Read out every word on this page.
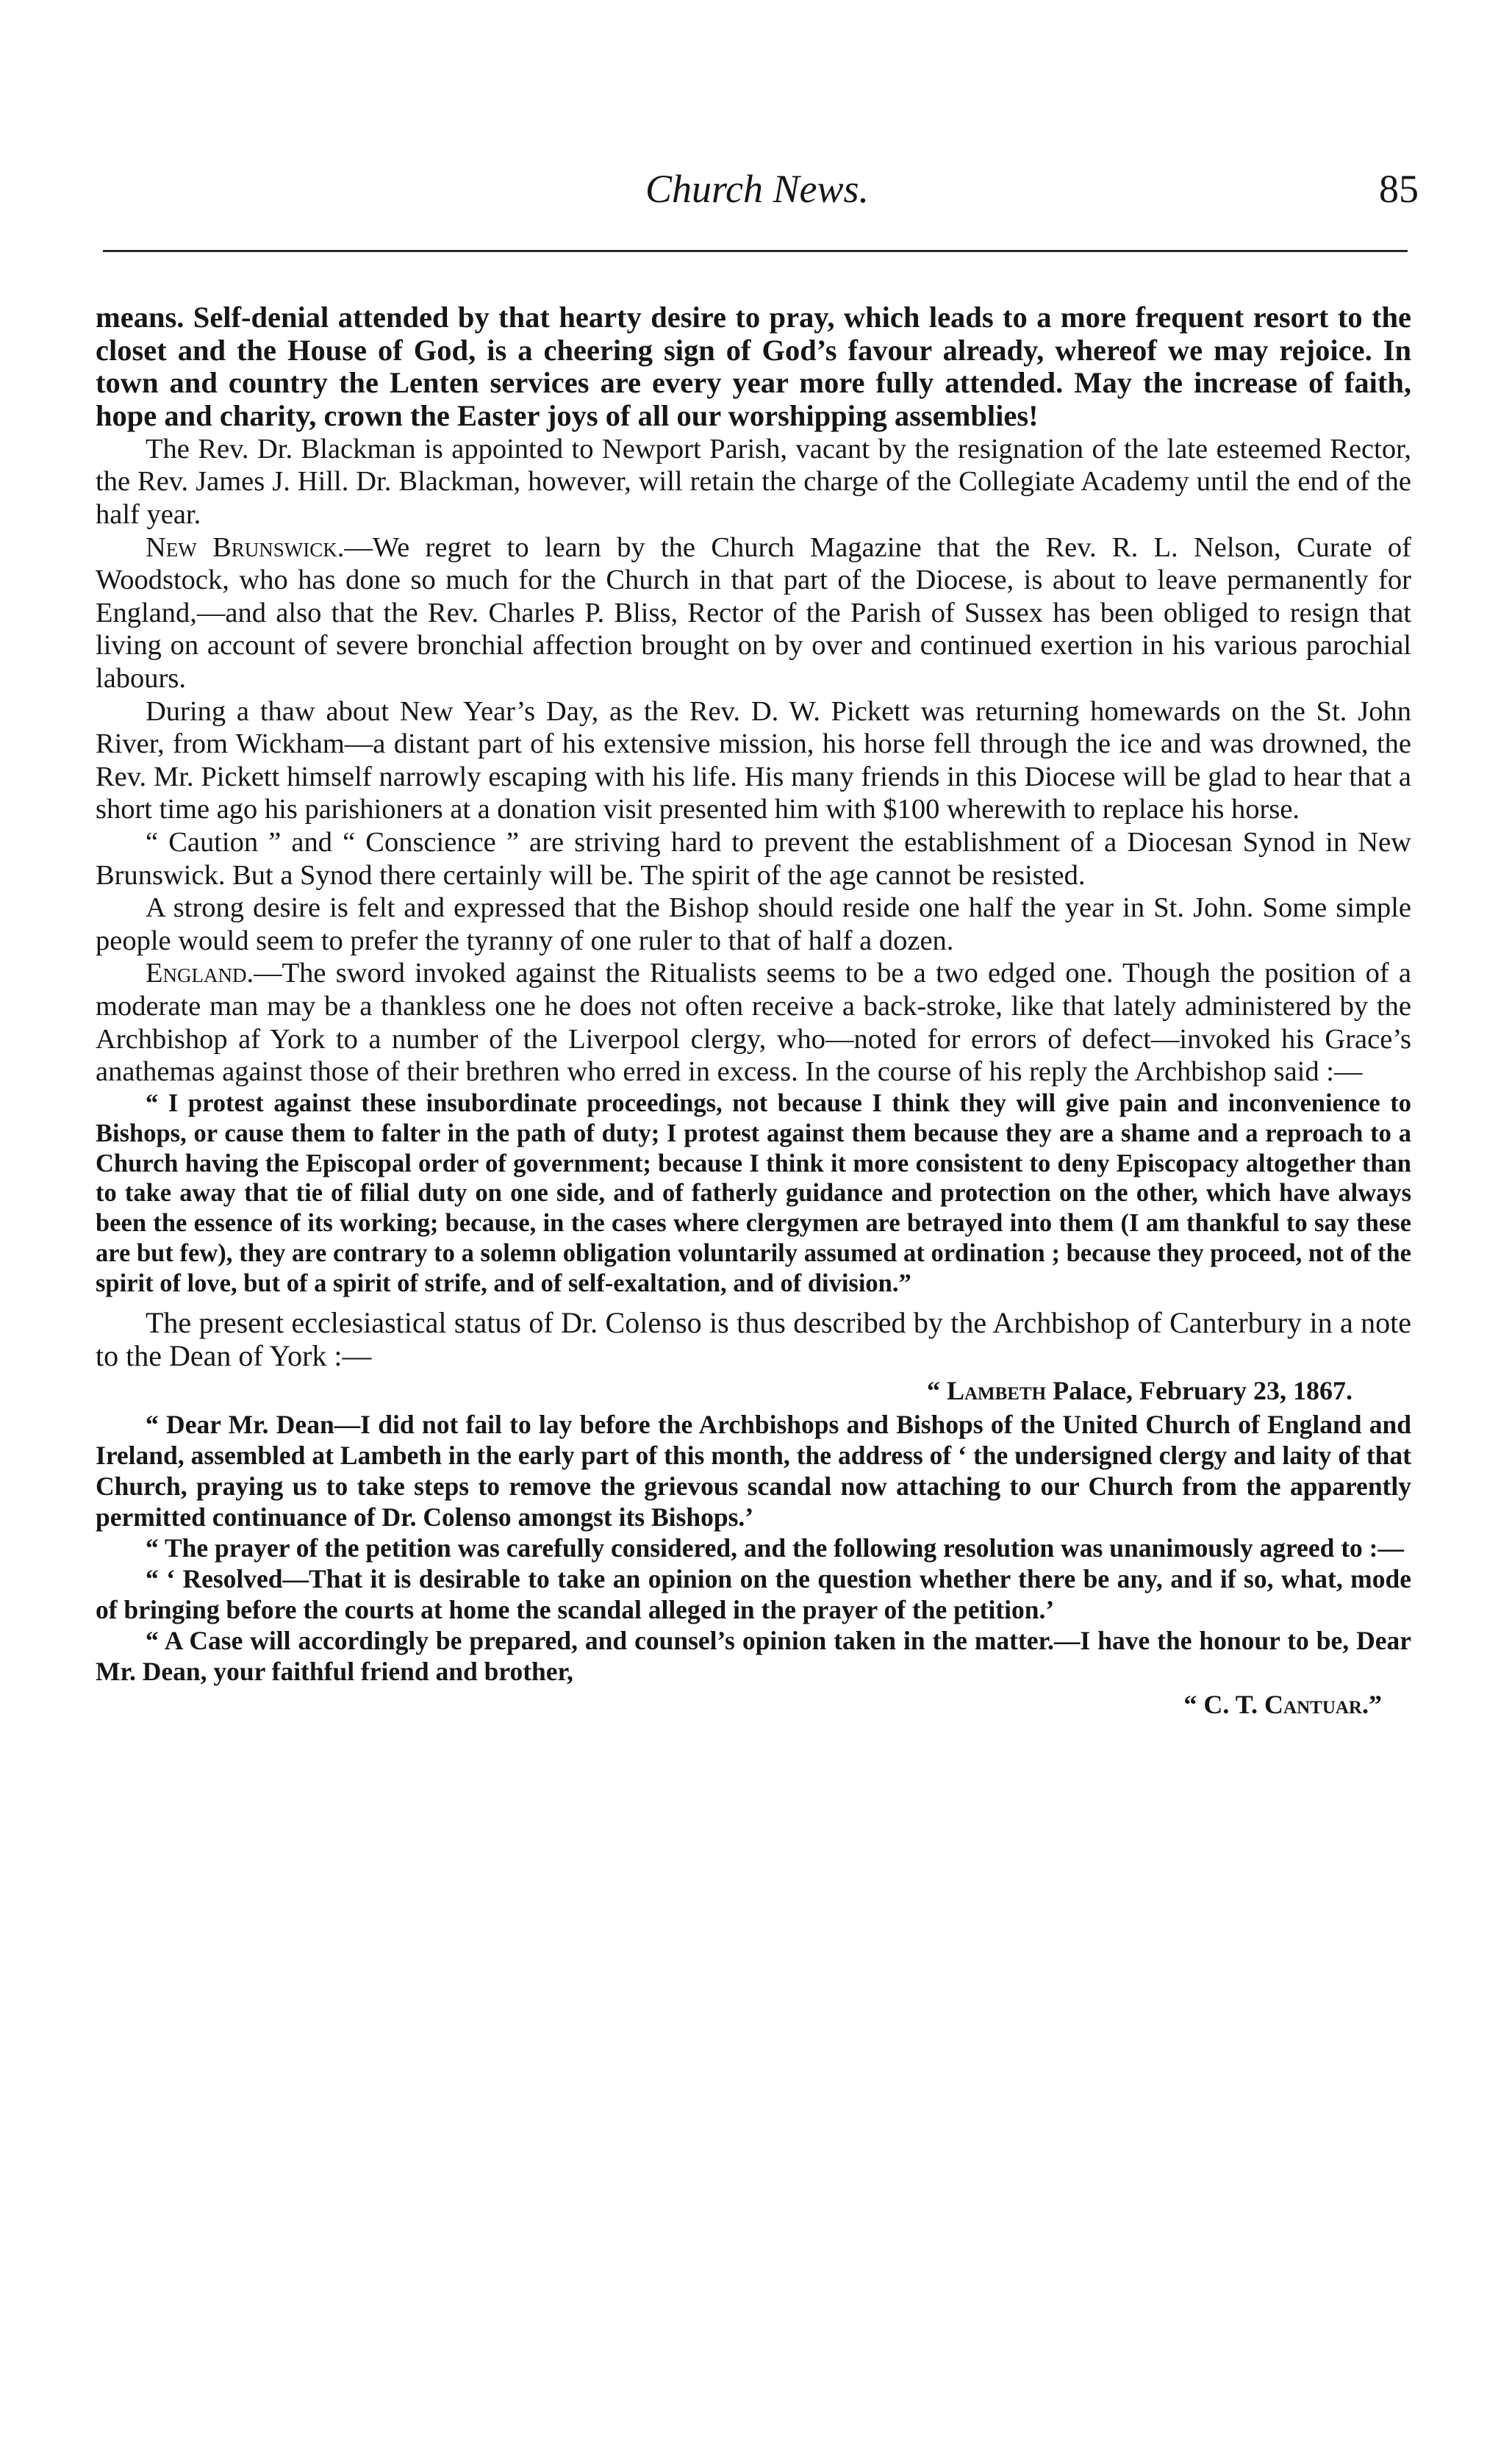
Church News.	85

means. Self-denial attended by that hearty desire to pray, which leads to a more frequent resort to the closet and the House of God, is a cheering sign of God’s favour already, whereof we may rejoice. In town and country the Lenten services are every year more fully attended. May the increase of faith, hope and charity, crown the Easter joys of all our worshipping assemblies!

The Rev. Dr. Blackman is appointed to Newport Parish, vacant by the resignation of the late esteemed Rector, the Rev. James J. Hill. Dr. Blackman, however, will retain the charge of the Collegiate Academy until the end of the half year.

New Brunswick.—We regret to learn by the Church Magazine that the Rev. R. L. Nelson, Curate of Woodstock, who has done so much for the Church in that part of the Diocese, is about to leave permanently for England,—and also that the Rev. Charles P. Bliss, Rector of the Parish of Sussex has been obliged to resign that living on account of severe bronchial affection brought on by over and continued exertion in his various parochial labours.

During a thaw about New Year’s Day, as the Rev. D. W. Pickett was returning homewards on the St. John River, from Wickham—a distant part of his extensive mission, his horse fell through the ice and was drowned, the Rev. Mr. Pickett himself narrowly escaping with his life. His many friends in this Diocese will be glad to hear that a short time ago his parishioners at a donation visit presented him with $100 wherewith to replace his horse.

“ Caution ” and “ Conscience ” are striving hard to prevent the establishment of a Diocesan Synod in New Brunswick. But a Synod there certainly will be. The spirit of the age cannot be resisted.

A strong desire is felt and expressed that the Bishop should reside one half the year in St. John. Some simple people would seem to prefer the tyranny of one ruler to that of half a dozen.

England.—The sword invoked against the Ritualists seems to be a two edged one. Though the position of a moderate man may be a thankless one he does not often receive a back-stroke, like that lately administered by the Archbishop af York to a number of the Liverpool clergy, who—noted for errors of defect—invoked his Grace’s anathemas against those of their brethren who erred in excess. In the course of his reply the Archbishop said :—

“ I protest against these insubordinate proceedings, not because I think they will give pain and inconvenience to Bishops, or cause them to falter in the path of duty; I protest against them because they are a shame and a reproach to a Church having the Episcopal order of government; because I think it more consistent to deny Episcopacy altogether than to take away that tie of filial duty on one side, and of fatherly guidance and protection on the other, which have always been the essence of its working; because, in the cases where clergymen are betrayed into them (I am thankful to say these are but few), they are contrary to a solemn obligation voluntarily assumed at ordination ; because they proceed, not of the spirit of love, but of a spirit of strife, and of self-exaltation, and of division.”

The present ecclesiastical status of Dr. Colenso is thus described by the Archbishop of Canterbury in a note to the Dean of York :—

“ Lambeth Palace, February 23, 1867.

“ Dear Mr. Dean—I did not fail to lay before the Archbishops and Bishops of the United Church of England and Ireland, assembled at Lambeth in the early part of this month, the address of ‘ the undersigned clergy and laity of that Church, praying us to take steps to remove the grievous scandal now attaching to our Church from the apparently permitted continuance of Dr. Colenso amongst its Bishops.’

“ The prayer of the petition was carefully considered, and the following resolution was unanimously agreed to :—

“ ‘ Resolved—That it is desirable to take an opinion on the question whether there be any, and if so, what, mode of bringing before the courts at home the scandal alleged in the prayer of the petition.’

“ A Case will accordingly be prepared, and counsel’s opinion taken in the matter.—I have the honour to be, Dear Mr. Dean, your faithful friend and brother,

“ C. T. Cantuar.”
